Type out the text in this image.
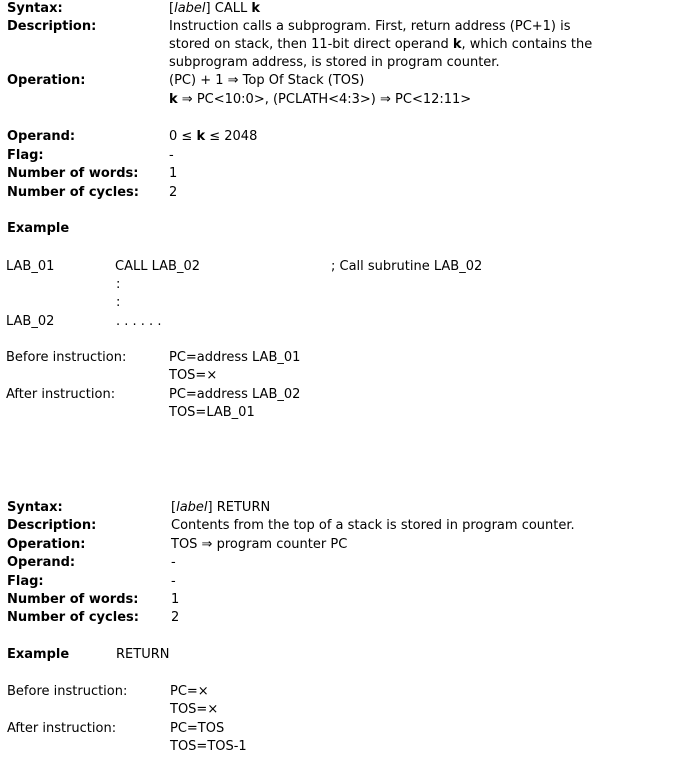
Syntax:	[label] CALL k
Description:	Instruction calls a subprogram. First, return address (PC+1) is
stored on stack, then 11-bit direct operand k, which contains the
subprogram address, is stored in program counter.
Operation:	(PC) + 1 ⇒ Top Of Stack (TOS)
k ⇒ PC<10:0>, (PCLATH<4:3>) ⇒ PC<12:11>
Operand:	0 ≤ k ≤ 2048
Flag:	-
Number of words: 1
Number of cycles: 2
Example
LAB_01	CALL LAB_02	; Call subrutine LAB_02
:
:
LAB_02	. . . . . .
Before instruction:	PC=address LAB_01
TOS=×
After instruction:	PC=address LAB_02
TOS=LAB_01
Syntax:	[label] RETURN
Description:	Contents from the top of a stack is stored in program counter.
Operation:	TOS ⇒ program counter PC
Operand:	-
Flag:	-
Number of words:	1
Number of cycles: 2
Example	RETURN
Before instruction:	PC=×
TOS=×
After instruction:	PC=TOS
TOS=TOS-1
